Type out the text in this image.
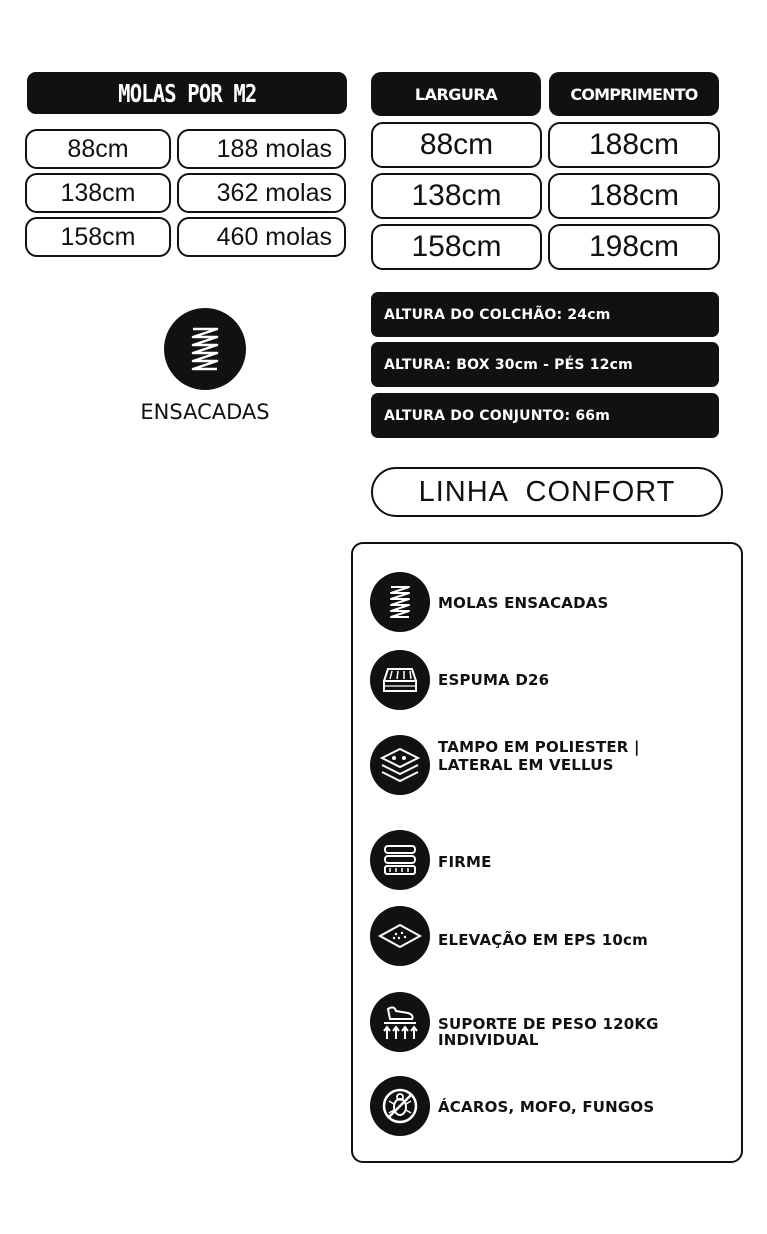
MOLAS POR M2
88cm	188 molas
138cm	362 molas
158cm	460 molas
LARGURA	COMPRIMENTO
88cm	188cm
138cm	188cm
158cm	198cm
ENSACADAS
ALTURA DO COLCHÃO: 24cm
ALTURA: BOX 30cm - PÉS 12cm
ALTURA DO CONJUNTO: 66m
LINHA  CONFORT
MOLAS ENSACADAS
ESPUMA D26
TAMPO EM POLIESTER |
LATERAL EM VELLUS
FIRME
ELEVAÇÃO EM EPS 10cm
SUPORTE DE PESO 120KG
INDIVIDUAL
ÁCAROS, MOFO, FUNGOS
